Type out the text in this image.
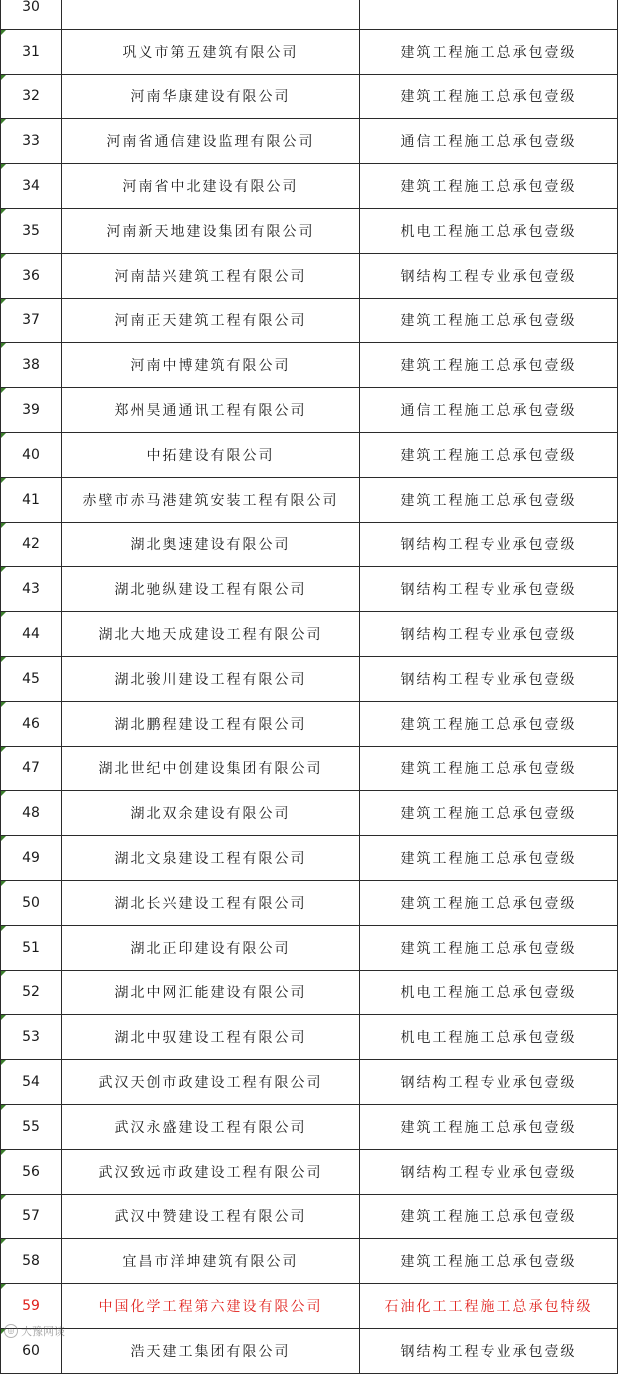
30		
31	巩义市第五建筑有限公司	建筑工程施工总承包壹级
32	河南华康建设有限公司	建筑工程施工总承包壹级
33	河南省通信建设监理有限公司	通信工程施工总承包壹级
34	河南省中北建设有限公司	建筑工程施工总承包壹级
35	河南新天地建设集团有限公司	机电工程施工总承包壹级
36	河南喆兴建筑工程有限公司	钢结构工程专业承包壹级
37	河南正天建筑工程有限公司	建筑工程施工总承包壹级
38	河南中博建筑有限公司	建筑工程施工总承包壹级
39	郑州昊通通讯工程有限公司	通信工程施工总承包壹级
40	中拓建设有限公司	建筑工程施工总承包壹级
41	赤壁市赤马港建筑安装工程有限公司	建筑工程施工总承包壹级
42	湖北奥速建设有限公司	钢结构工程专业承包壹级
43	湖北驰纵建设工程有限公司	钢结构工程专业承包壹级
44	湖北大地天成建设工程有限公司	钢结构工程专业承包壹级
45	湖北骏川建设工程有限公司	钢结构工程专业承包壹级
46	湖北鹏程建设工程有限公司	建筑工程施工总承包壹级
47	湖北世纪中创建设集团有限公司	建筑工程施工总承包壹级
48	湖北双余建设有限公司	建筑工程施工总承包壹级
49	湖北文泉建设工程有限公司	建筑工程施工总承包壹级
50	湖北长兴建设工程有限公司	建筑工程施工总承包壹级
51	湖北正印建设有限公司	建筑工程施工总承包壹级
52	湖北中网汇能建设有限公司	机电工程施工总承包壹级
53	湖北中驭建设工程有限公司	机电工程施工总承包壹级
54	武汉天创市政建设工程有限公司	钢结构工程专业承包壹级
55	武汉永盛建设工程有限公司	建筑工程施工总承包壹级
56	武汉致远市政建设工程有限公司	钢结构工程专业承包壹级
57	武汉中赞建设工程有限公司	建筑工程施工总承包壹级
58	宜昌市洋坤建筑有限公司	建筑工程施工总承包壹级
59	中国化学工程第六建设有限公司	石油化工工程施工总承包特级
60	浩天建工集团有限公司	钢结构工程专业承包壹级
◎ 大豫网谈
